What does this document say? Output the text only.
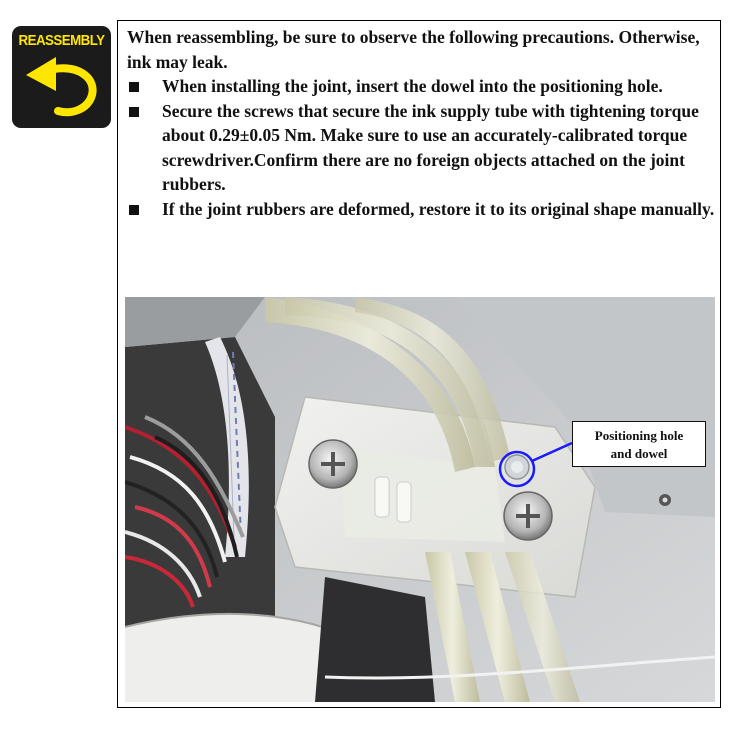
REASSEMBLY When reassembling, be sure to observe the following precautions. Otherwise, ink may leak.

When installing the joint, insert the dowel into the positioning hole.
Secure the screws that secure the ink supply tube with tightening torque about 0.29±0.05 Nm. Make sure to use an accurately-calibrated torque screwdriver.Confirm there are no foreign objects attached on the joint rubbers.
If the joint rubbers are deformed, restore it to its original shape manually.
Positioning hole
and dowel
